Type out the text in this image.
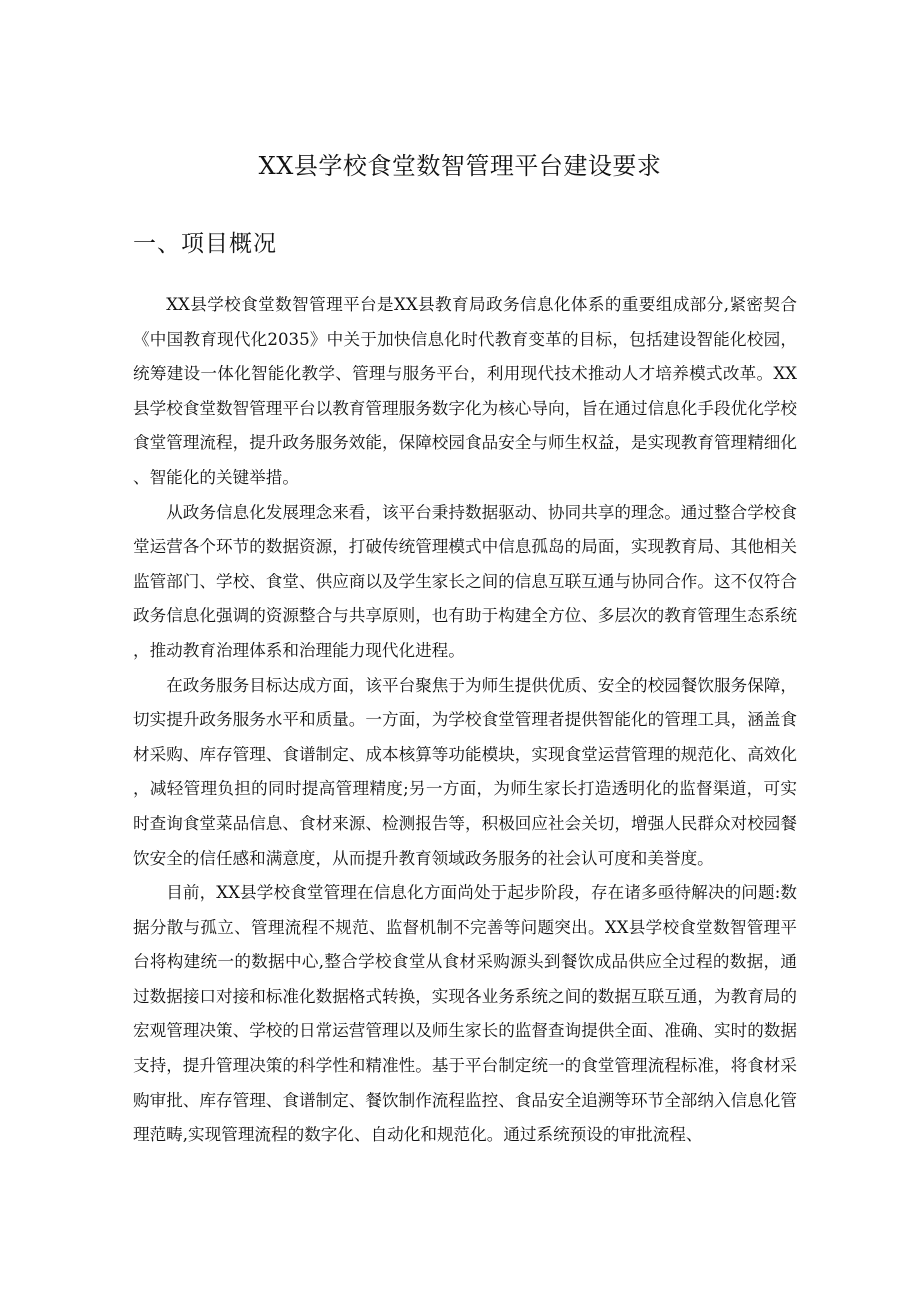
XX县学校食堂数智管理平台建设要求
一、项目概况

XX县学校食堂数智管理平台是XX县教育局政务信息化体系的重要组成部分,紧密契合《中国教育现代化2035》中关于加快信息化时代教育变革的目标，包括建设智能化校园，统筹建设一体化智能化教学、管理与服务平台，利用现代技术推动人才培养模式改革。XX县学校食堂数智管理平台以教育管理服务数字化为核心导向，旨在通过信息化手段优化学校食堂管理流程，提升政务服务效能，保障校园食品安全与师生权益，是实现教育管理精细化、智能化的关键举措。

从政务信息化发展理念来看，该平台秉持数据驱动、协同共享的理念。通过整合学校食堂运营各个环节的数据资源，打破传统管理模式中信息孤岛的局面，实现教育局、其他相关监管部门、学校、食堂、供应商以及学生家长之间的信息互联互通与协同合作。这不仅符合政务信息化强调的资源整合与共享原则，也有助于构建全方位、多层次的教育管理生态系统，推动教育治理体系和治理能力现代化进程。

在政务服务目标达成方面，该平台聚焦于为师生提供优质、安全的校园餐饮服务保障，切实提升政务服务水平和质量。一方面，为学校食堂管理者提供智能化的管理工具，涵盖食材采购、库存管理、食谱制定、成本核算等功能模块，实现食堂运营管理的规范化、高效化，减轻管理负担的同时提高管理精度;另一方面，为师生家长打造透明化的监督渠道，可实时查询食堂菜品信息、食材来源、检测报告等，积极回应社会关切，增强人民群众对校园餐饮安全的信任感和满意度，从而提升教育领域政务服务的社会认可度和美誉度。

目前，XX县学校食堂管理在信息化方面尚处于起步阶段，存在诸多亟待解决的问题:数据分散与孤立、管理流程不规范、监督机制不完善等问题突出。XX县学校食堂数智管理平台将构建统一的数据中心,整合学校食堂从食材采购源头到餐饮成品供应全过程的数据，通过数据接口对接和标准化数据格式转换，实现各业务系统之间的数据互联互通，为教育局的宏观管理决策、学校的日常运营管理以及师生家长的监督查询提供全面、准确、实时的数据支持，提升管理决策的科学性和精准性。基于平台制定统一的食堂管理流程标准，将食材采购审批、库存管理、食谱制定、餐饮制作流程监控、食品安全追溯等环节全部纳入信息化管理范畴,实现管理流程的数字化、自动化和规范化。通过系统预设的审批流程、
